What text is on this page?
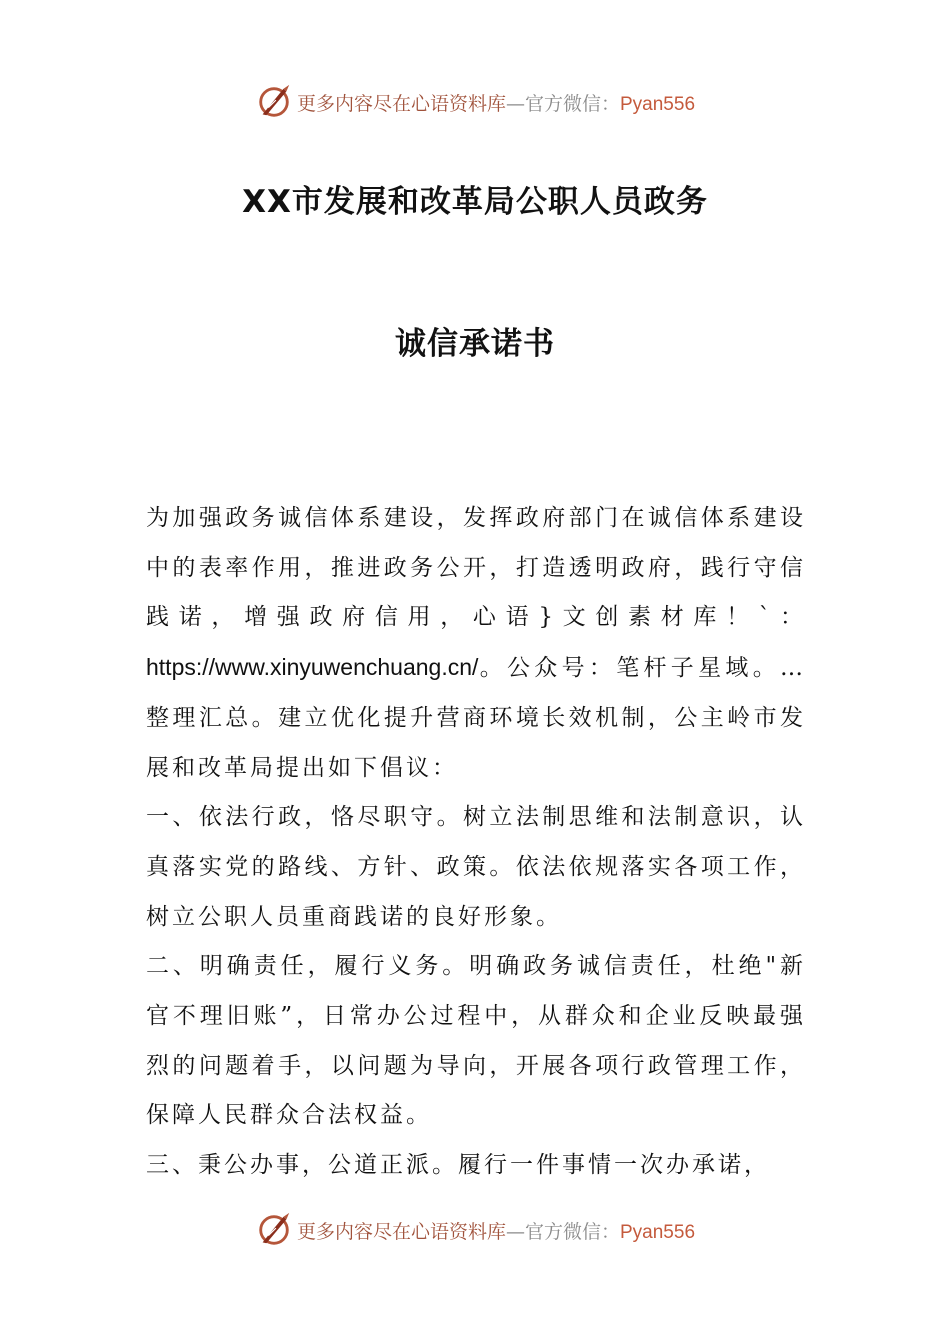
更多内容尽在心语资料库—官方微信：Pyan556
XX市发展和改革局公职人员政务
诚信承诺书

为加强政务诚信体系建设，发挥政府部门在诚信体系建设中的表率作用，推进政务公开，打造透明政府，践行守信践诺，增强政府信用，心语}文创素材库！`：https://www.xinyuwenchuang.cn/。公众号：笔杆子星域。…整理汇总。建立优化提升营商环境长效机制，公主岭市发展和改革局提出如下倡议：

一、依法行政，恪尽职守。树立法制思维和法制意识，认真落实党的路线、方针、政策。依法依规落实各项工作，树立公职人员重商践诺的良好形象。

二、明确责任，履行义务。明确政务诚信责任，杜绝"新官不理旧账”，日常办公过程中，从群众和企业反映最强烈的问题着手，以问题为导向，开展各项行政管理工作，保障人民群众合法权益。

三、秉公办事，公道正派。履行一件事情一次办承诺，

更多内容尽在心语资料库—官方微信：Pyan556
